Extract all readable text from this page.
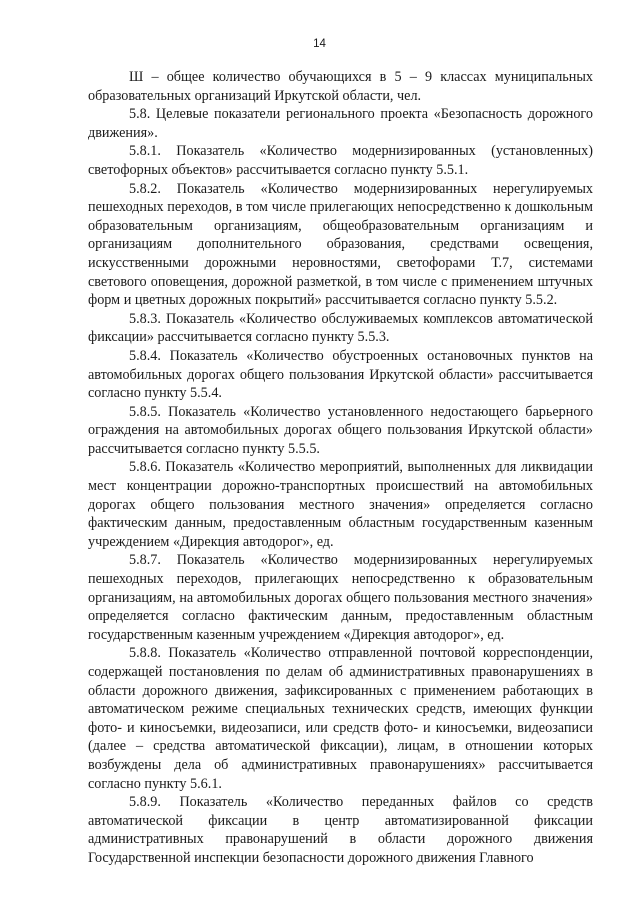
14

Ш – общее количество обучающихся в 5 – 9 классах муниципальных образовательных организаций Иркутской области, чел.

5.8. Целевые показатели регионального проекта «Безопасность дорожного движения».

5.8.1. Показатель «Количество модернизированных (установленных) светофорных объектов» рассчитывается согласно пункту 5.5.1.

5.8.2. Показатель «Количество модернизированных нерегулируемых пешеходных переходов, в том числе прилегающих непосредственно к дошкольным образовательным организациям, общеобразовательным организациям и организациям дополнительного образования, средствами освещения, искусственными дорожными неровностями, светофорами Т.7, системами светового оповещения, дорожной разметкой, в том числе с применением штучных форм и цветных дорожных покрытий» рассчитывается согласно пункту 5.5.2.

5.8.3. Показатель «Количество обслуживаемых комплексов автоматической фиксации» рассчитывается согласно пункту 5.5.3.

5.8.4. Показатель «Количество обустроенных остановочных пунктов на автомобильных дорогах общего пользования Иркутской области» рассчитывается согласно пункту 5.5.4.

5.8.5. Показатель «Количество установленного недостающего барьерного ограждения на автомобильных дорогах общего пользования Иркутской области» рассчитывается согласно пункту 5.5.5.

5.8.6. Показатель «Количество мероприятий, выполненных для ликвидации мест концентрации дорожно-транспортных происшествий на автомобильных дорогах общего пользования местного значения» определяется согласно фактическим данным, предоставленным областным государственным казенным учреждением «Дирекция автодорог», ед.

5.8.7. Показатель «Количество модернизированных нерегулируемых пешеходных переходов, прилегающих непосредственно к образовательным организациям, на автомобильных дорогах общего пользования местного значения» определяется согласно фактическим данным, предоставленным областным государственным казенным учреждением «Дирекция автодорог», ед.

5.8.8. Показатель «Количество отправленной почтовой корреспонденции, содержащей постановления по делам об административных правонарушениях в области дорожного движения, зафиксированных с применением работающих в автоматическом режиме специальных технических средств, имеющих функции фото- и киносъемки, видеозаписи, или средств фото- и киносъемки, видеозаписи (далее – средства автоматической фиксации), лицам, в отношении которых возбуждены дела об административных правонарушениях» рассчитывается согласно пункту 5.6.1.

5.8.9. Показатель «Количество переданных файлов со средств автоматической фиксации в центр автоматизированной фиксации административных правонарушений в области дорожного движения Государственной инспекции безопасности дорожного движения Главного
